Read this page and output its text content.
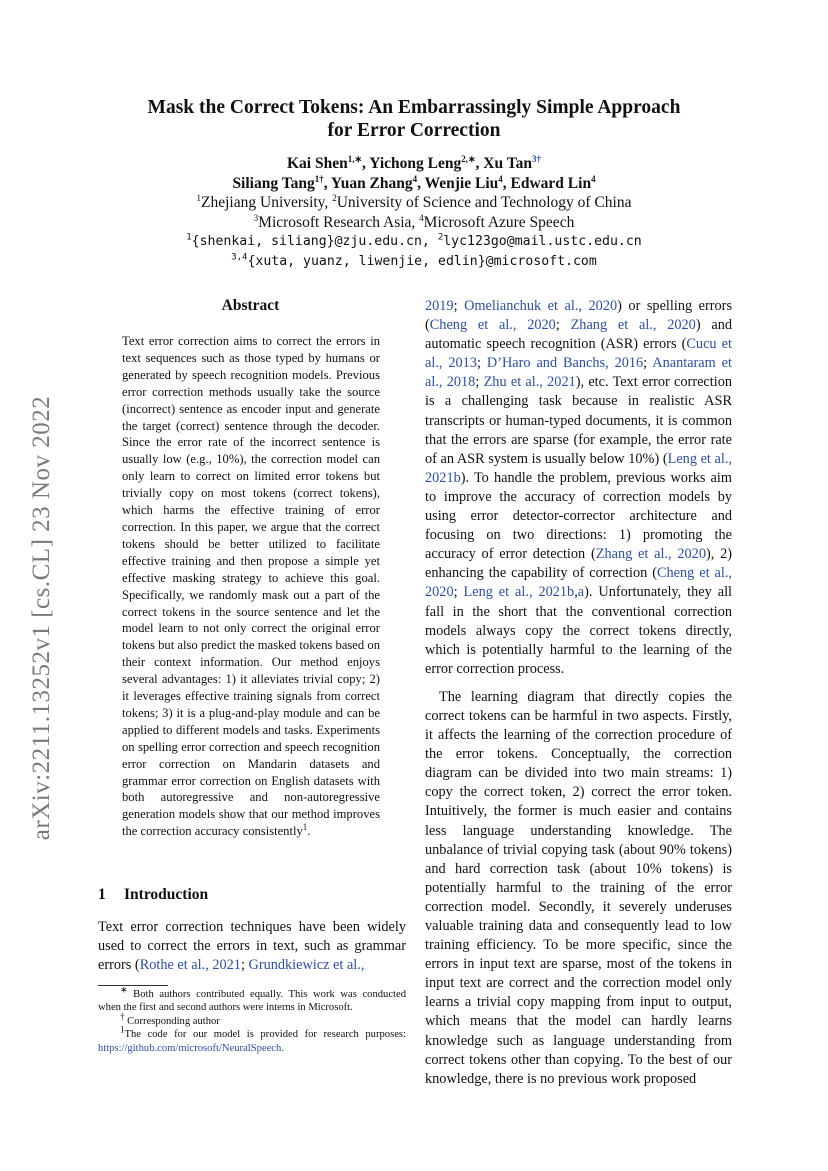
arXiv:2211.13252v1 [cs.CL] 23 Nov 2022
Mask the Correct Tokens: An Embarrassingly Simple Approach
for Error Correction
Kai Shen$^{1,∗}$, Yichong Leng$^{2,∗}$, Xu Tan$^{3\dagger}$
Siliang Tang$^{1\dagger}$, Yuan Zhang$^4$, Wenjie Liu$^4$, Edward Lin$^4$
$^1$Zhejiang University, $^2$University of Science and Technology of China
$^3$Microsoft Research Asia, $^4$Microsoft Azure Speech
$^1${shenkai, siliang}@zju.edu.cn, $^2$lyc123go@mail.ustc.edu.cn
$^{3,4}${xuta, yuanz, liwenjie, edlin}@microsoft.com
Abstract
Text error correction aims to correct the errors in text sequences such as those typed by humans or generated by speech recognition models. Previous error correction methods usually take the source (incorrect) sentence as encoder input and generate the target (correct) sentence through the decoder. Since the error rate of the incorrect sentence is usually low (e.g., 10%), the correction model can only learn to correct on limited error tokens but trivially copy on most tokens (correct tokens), which harms the effective training of error correction. In this paper, we argue that the correct tokens should be better utilized to facilitate effective training and then propose a simple yet effective masking strategy to achieve this goal. Specifically, we randomly mask out a part of the correct tokens in the source sentence and let the model learn to not only correct the original error tokens but also predict the masked tokens based on their context information. Our method enjoys several advantages: 1) it alleviates trivial copy; 2) it leverages effective training signals from correct tokens; 3) it is a plug-and-play module and can be applied to different models and tasks. Experiments on spelling error correction and speech recognition error correction on Mandarin datasets and grammar error correction on English datasets with both autoregressive and non-autoregressive generation models show that our method improves the correction accuracy consistently$^1$.
1 Introduction
Text error correction techniques have been widely used to correct the errors in text, such as grammar errors (Rothe et al., 2021; Grundkiewicz et al.,

∗ Both authors contributed equally. This work was conducted when the first and second authors were interns in Microsoft.

† Corresponding author

$^1$The code for our model is provided for research purposes: https://github.com/microsoft/NeuralSpeech.

2019; Omelianchuk et al., 2020) or spelling errors (Cheng et al., 2020; Zhang et al., 2020) and automatic speech recognition (ASR) errors (Cucu et al., 2013; D’Haro and Banchs, 2016; Anantaram et al., 2018; Zhu et al., 2021), etc. Text error correction is a challenging task because in realistic ASR transcripts or human-typed documents, it is common that the errors are sparse (for example, the error rate of an ASR system is usually below 10%) (Leng et al., 2021b). To handle the problem, previous works aim to improve the accuracy of correction models by using error detector-corrector architecture and focusing on two directions: 1) promoting the accuracy of error detection (Zhang et al., 2020), 2) enhancing the capability of correction (Cheng et al., 2020; Leng et al., 2021b,a). Unfortunately, they all fall in the short that the conventional correction models always copy the correct tokens directly, which is potentially harmful to the learning of the error correction process.

The learning diagram that directly copies the correct tokens can be harmful in two aspects. Firstly, it affects the learning of the correction procedure of the error tokens. Conceptually, the correction diagram can be divided into two main streams: 1) copy the correct token, 2) correct the error token. Intuitively, the former is much easier and contains less language understanding knowledge. The unbalance of trivial copying task (about 90% tokens) and hard correction task (about 10% tokens) is potentially harmful to the training of the error correction model. Secondly, it severely underuses valuable training data and consequently lead to low training efficiency. To be more specific, since the errors in input text are sparse, most of the tokens in input text are correct and the correction model only learns a trivial copy mapping from input to output, which means that the model can hardly learns knowledge such as language understanding from correct tokens other than copying. To the best of our knowledge, there is no previous work proposed
